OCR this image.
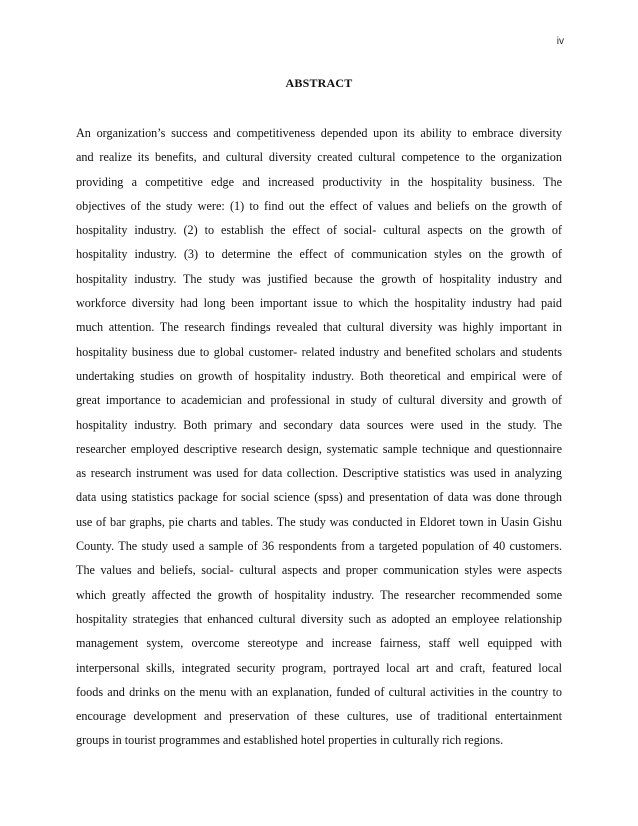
iv
ABSTRACT
An organization’s success and competitiveness depended upon its ability to embrace diversity
and realize its benefits, and cultural diversity created cultural competence to the organization
providing a competitive edge and increased productivity in the hospitality business. The
objectives of the study were: (1) to find out the effect of values and beliefs on the growth of
hospitality industry. (2) to establish the effect of social- cultural aspects on the growth of
hospitality industry. (3) to determine the effect of communication styles on the growth of
hospitality industry. The study was justified because the growth of hospitality industry and
workforce diversity had long been important issue to which the hospitality industry had paid
much attention. The research findings revealed that cultural diversity was highly important in
hospitality business due to global customer- related industry and benefited scholars and students
undertaking studies on growth of hospitality industry. Both theoretical and empirical were of
great importance to academician and professional in study of cultural diversity and growth of
hospitality industry. Both primary and secondary data sources were used in the study. The
researcher employed descriptive research design, systematic sample technique and questionnaire
as research instrument was used for data collection. Descriptive statistics was used in analyzing
data using statistics package for social science (spss) and presentation of data was done through
use of bar graphs, pie charts and tables. The study was conducted in Eldoret town in Uasin Gishu
County. The study used a sample of 36 respondents from a targeted population of 40 customers.
The values and beliefs, social- cultural aspects and proper communication styles were aspects
which greatly affected the growth of hospitality industry. The researcher recommended some
hospitality strategies that enhanced cultural diversity such as adopted an employee relationship
management system, overcome stereotype and increase fairness, staff well equipped with
interpersonal skills, integrated security program, portrayed local art and craft, featured local
foods and drinks on the menu with an explanation, funded of cultural activities in the country to
encourage development and preservation of these cultures, use of traditional entertainment
groups in tourist programmes and established hotel properties in culturally rich regions.
